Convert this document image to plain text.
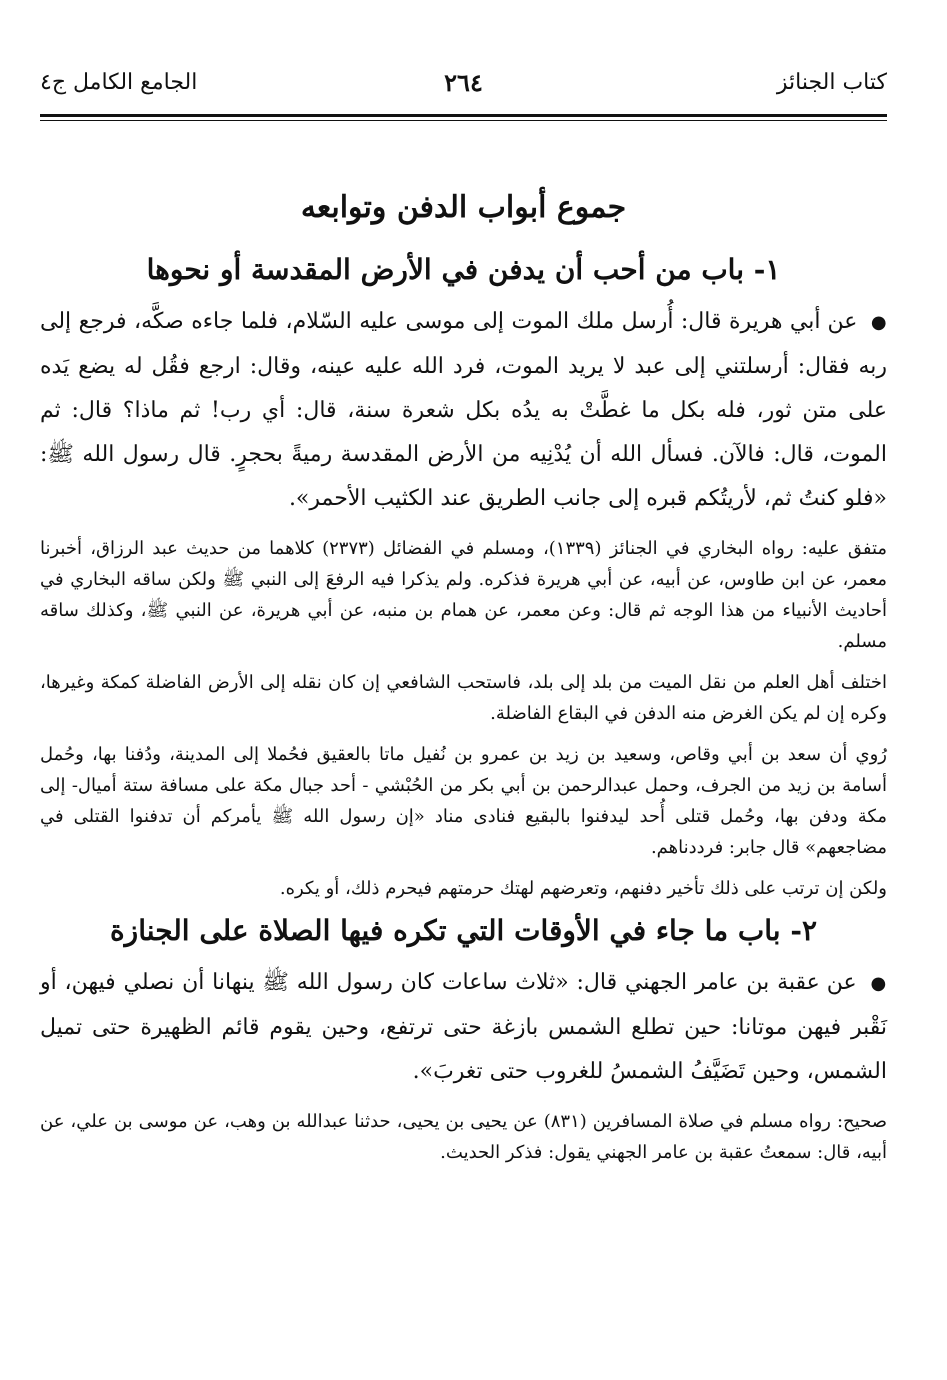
كتاب الجنائز
٢٦٤
الجامع الكامل ج٤
جموع أبواب الدفن وتوابعه
١- باب من أحب أن يدفن في الأرض المقدسة أو نحوها

● عن أبي هريرة قال: أُرسل ملك الموت إلى موسى عليه السّلام، فلما جاءه صكَّه، فرجع إلى ربه فقال: أرسلتني إلى عبد لا يريد الموت، فرد الله عليه عينه، وقال: ارجع فقُل له يضع يَده على متن ثور، فله بكل ما غطَّتْ به يدُه بكل شعرة سنة، قال: أي رب! ثم ماذا؟ قال: ثم الموت، قال: فالآن. فسأل الله أن يُدْنِيه من الأرض المقدسة رميةً بحجرٍ. قال رسول الله ﷺ: «فلو كنتُ ثم، لأريتُكم قبره إلى جانب الطريق عند الكثيب الأحمر».

متفق عليه: رواه البخاري في الجنائز (١٣٣٩)، ومسلم في الفضائل (٢٣٧٣) كلاهما من حديث عبد الرزاق، أخبرنا معمر، عن ابن طاوس، عن أبيه، عن أبي هريرة فذكره. ولم يذكرا فيه الرفعَ إلى النبي ﷺ ولكن ساقه البخاري في أحاديث الأنبياء من هذا الوجه ثم قال: وعن معمر، عن همام بن منبه، عن أبي هريرة، عن النبي ﷺ، وكذلك ساقه مسلم.

اختلف أهل العلم من نقل الميت من بلد إلى بلد، فاستحب الشافعي إن كان نقله إلى الأرض الفاضلة كمكة وغيرها، وكره إن لم يكن الغرض منه الدفن في البقاع الفاضلة.

رُوي أن سعد بن أبي وقاص، وسعيد بن زيد بن عمرو بن نُفيل ماتا بالعقيق فحُملا إلى المدينة، ودُفنا بها، وحُمل أسامة بن زيد من الجرف، وحمل عبدالرحمن بن أبي بكر من الحُبْشي - أحد جبال مكة على مسافة ستة أميال- إلى مكة ودفن بها، وحُمل قتلى أُحد ليدفنوا بالبقيع فنادى مناد «إن رسول الله ﷺ يأمركم أن تدفنوا القتلى في مضاجعهم» قال جابر: فرددناهم.

ولكن إن ترتب على ذلك تأخير دفنهم، وتعرضهم لهتك حرمتهم فيحرم ذلك، أو يكره.

٢- باب ما جاء في الأوقات التي تكره فيها الصلاة على الجنازة

● عن عقبة بن عامر الجهني قال: «ثلاث ساعات كان رسول الله ﷺ ينهانا أن نصلي فيهن، أو نَقْبر فيهن موتانا: حين تطلع الشمس بازغة حتى ترتفع، وحين يقوم قائم الظهيرة حتى تميل الشمس، وحين تَضَيَّفُ الشمسُ للغروب حتى تغربَ».

صحيح: رواه مسلم في صلاة المسافرين (٨٣١) عن يحيى بن يحيى، حدثنا عبدالله بن وهب، عن موسى بن علي، عن أبيه، قال: سمعتُ عقبة بن عامر الجهني يقول: فذكر الحديث.
